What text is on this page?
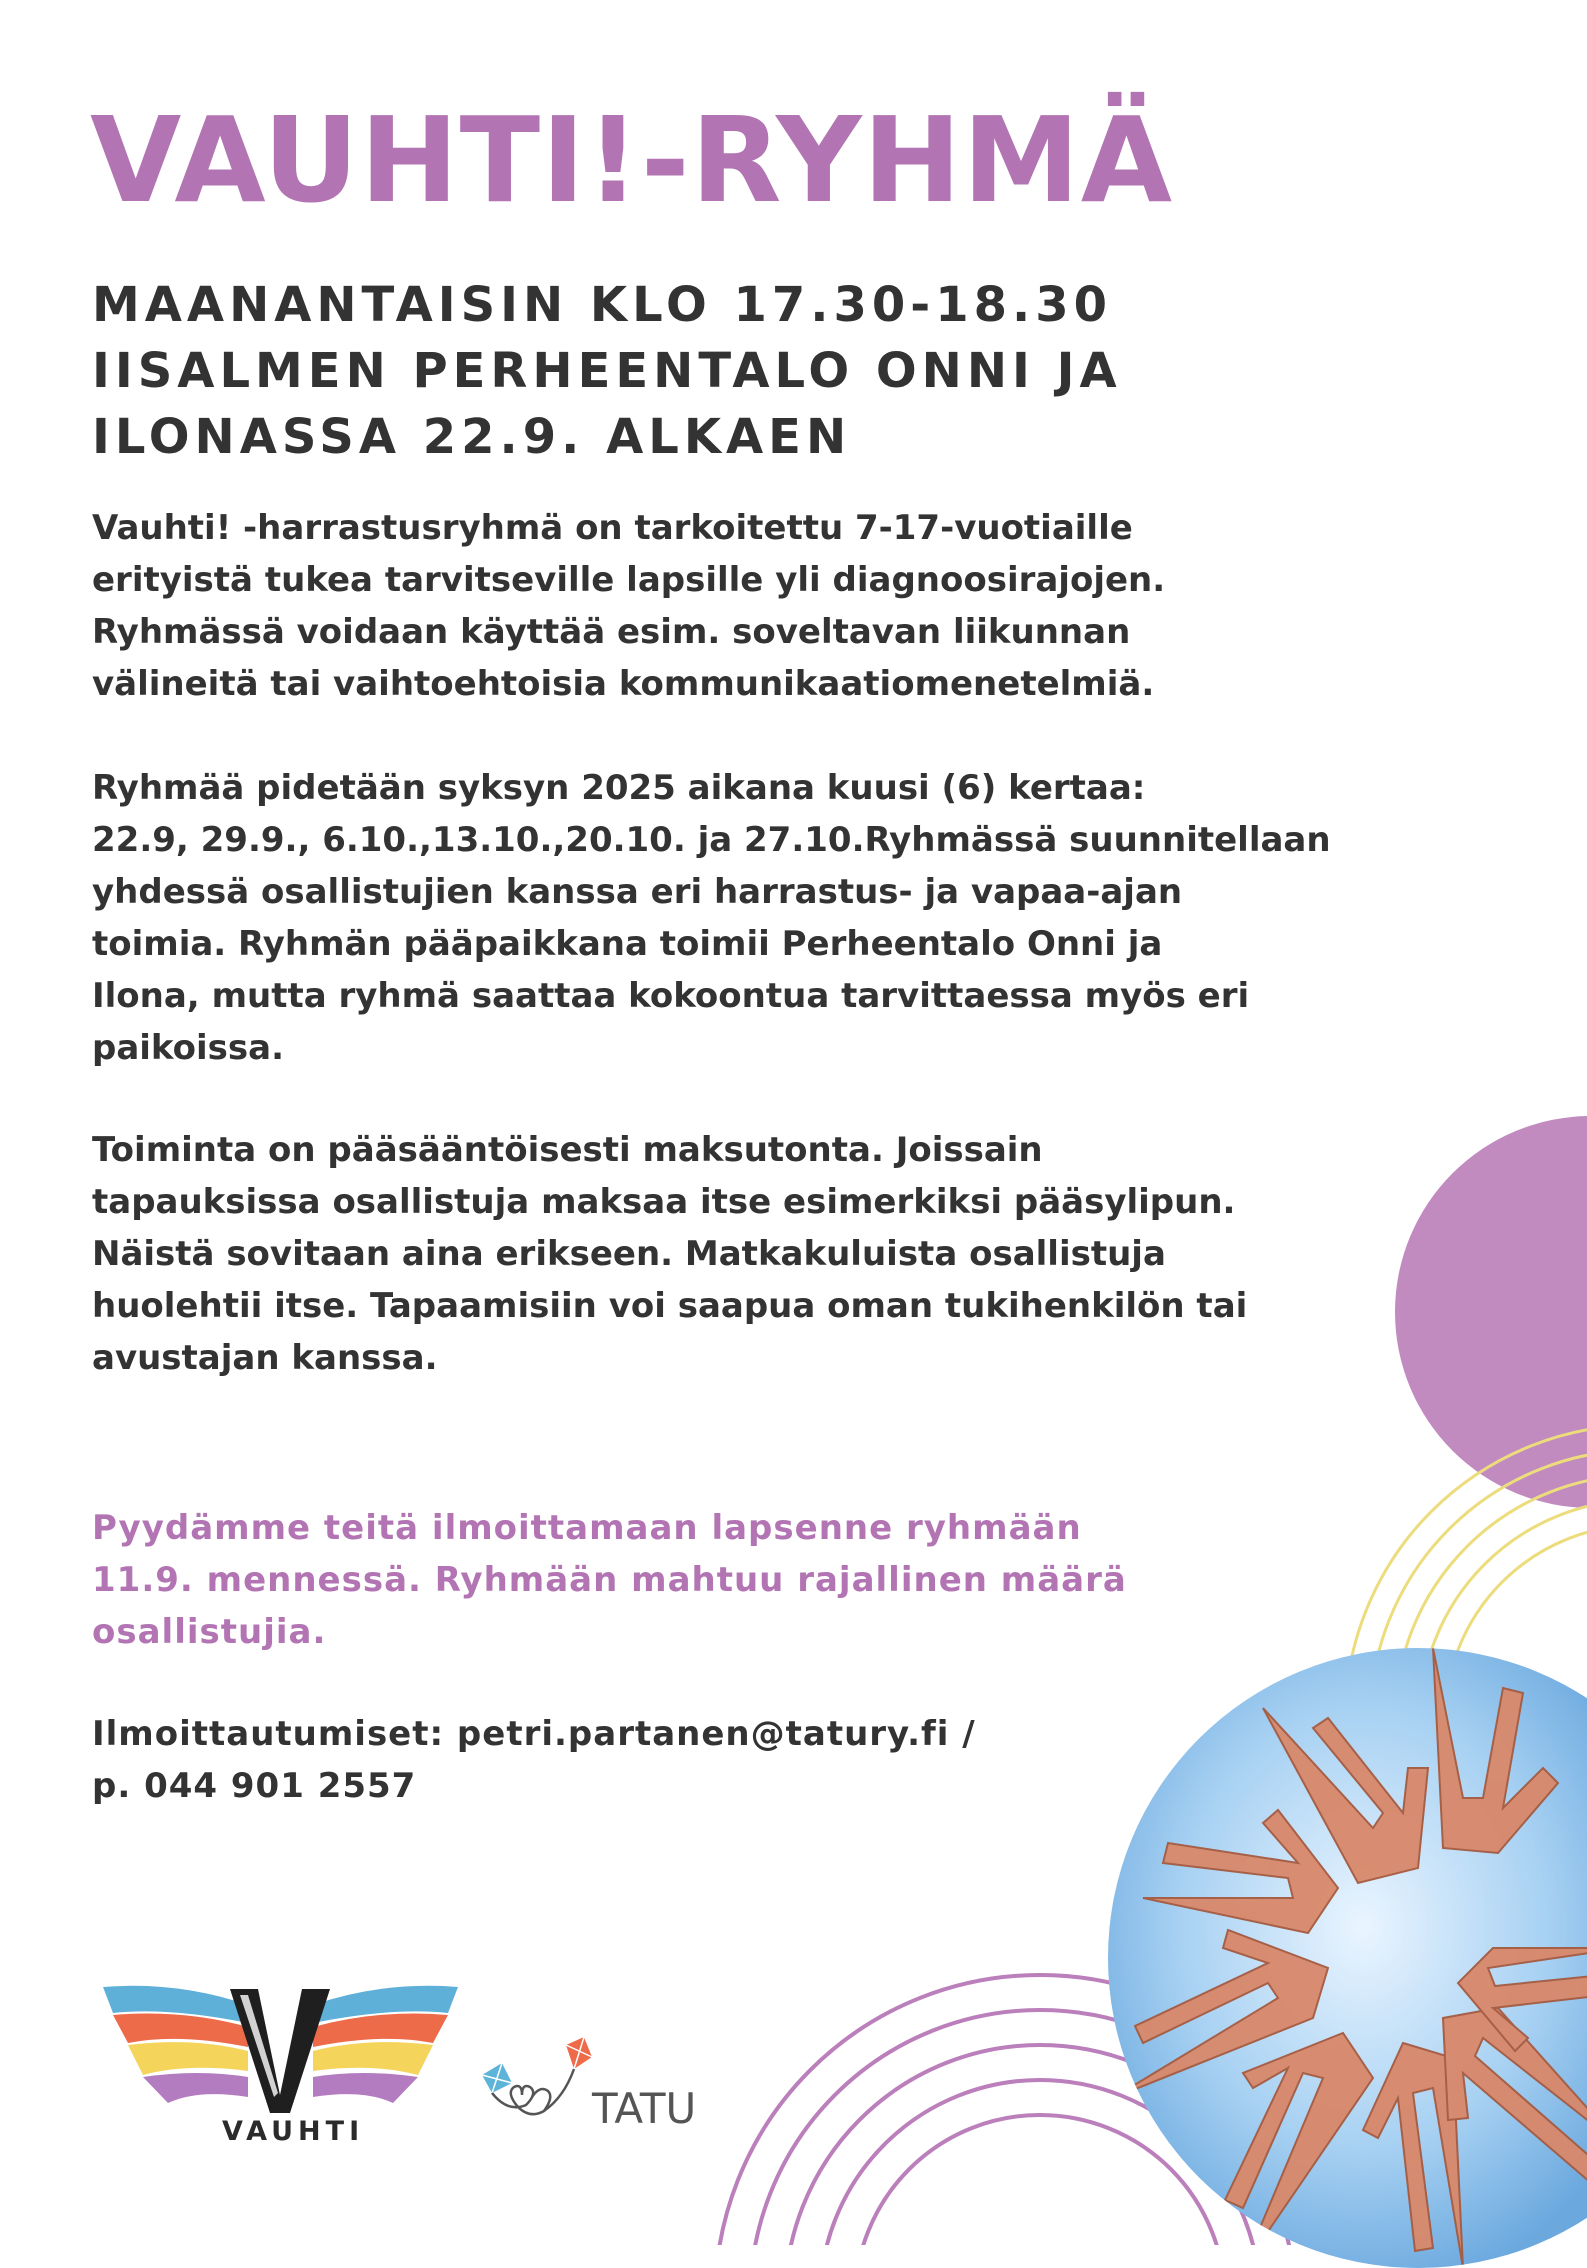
VAUHTI!-RYHMÄ
MAANANTAISIN KLO 17.30-18.30
IISALMEN PERHEENTALO ONNI JA
ILONASSA 22.9. ALKAEN
Vauhti! -harrastusryhmä on tarkoitettu 7-17-vuotiaille
erityistä tukea tarvitseville lapsille yli diagnoosirajojen.
Ryhmässä voidaan käyttää esim. soveltavan liikunnan
välineitä tai vaihtoehtoisia kommunikaatiomenetelmiä.
Ryhmää pidetään syksyn 2025 aikana kuusi (6) kertaa:
22.9, 29.9., 6.10.,13.10.,20.10. ja 27.10.Ryhmässä suunnitellaan
yhdessä osallistujien kanssa eri harrastus- ja vapaa-ajan
toimia. Ryhmän pääpaikkana toimii Perheentalo Onni ja
Ilona, mutta ryhmä saattaa kokoontua tarvittaessa myös eri
paikoissa.
Toiminta on pääsääntöisesti maksutonta. Joissain
tapauksissa osallistuja maksaa itse esimerkiksi pääsylipun.
Näistä sovitaan aina erikseen. Matkakuluista osallistuja
huolehtii itse. Tapaamisiin voi saapua oman tukihenkilön tai
avustajan kanssa.
Pyydämme teitä ilmoittamaan lapsenne ryhmään
11.9. mennessä. Ryhmään mahtuu rajallinen määrä
osallistujia.
Ilmoittautumiset: petri.partanen@tatury.fi /
p. 044 901 2557
VAUHTI	TATU
